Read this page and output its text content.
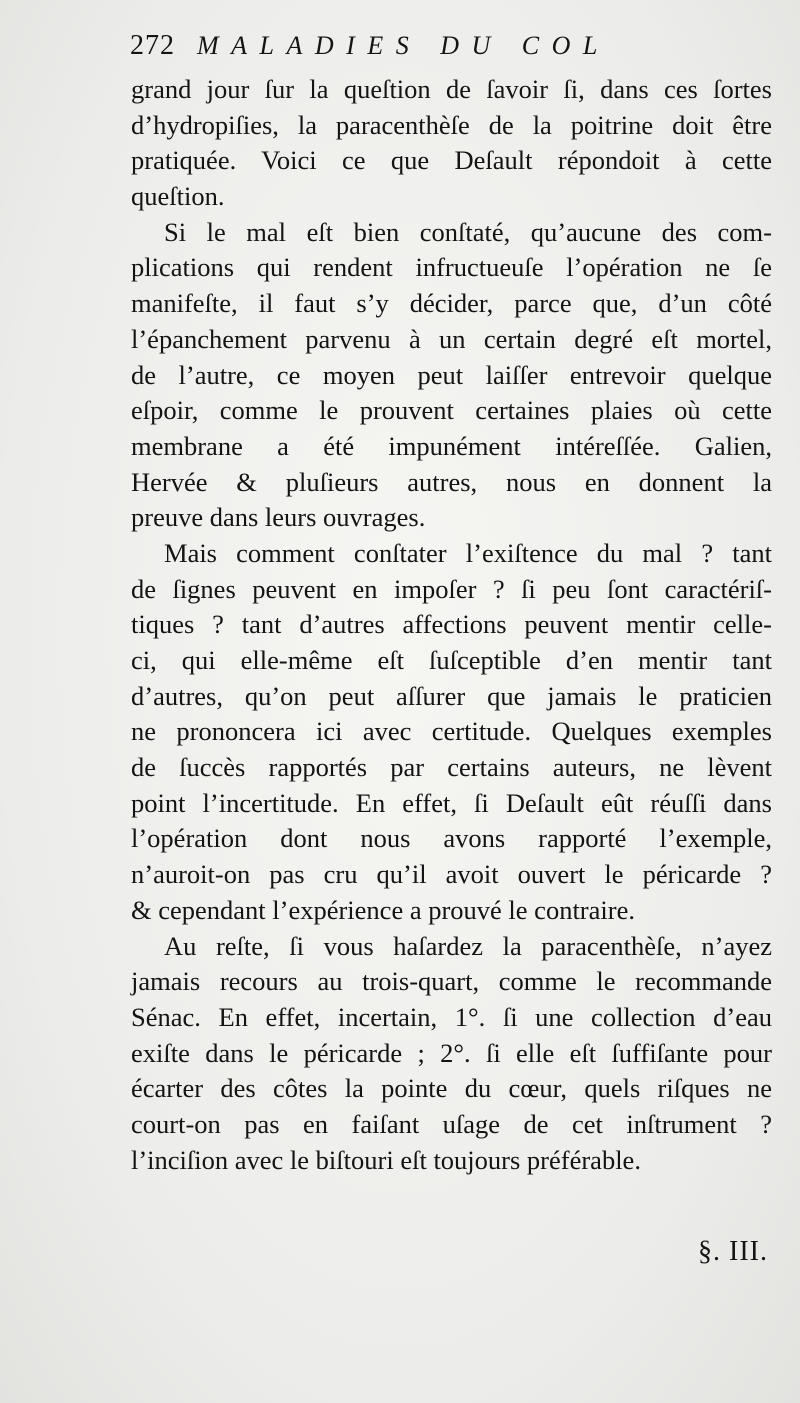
272 MALADIES DU COL
grand jour ſur la queſtion de ſavoir ſi, dans ces ſortes
d’hydropiſies, la paracenthèſe de la poitrine doit être
pratiquée. Voici ce que Deſault répondoit à cette
queſtion.
Si le mal eſt bien conſtaté, qu’aucune des com-
plications qui rendent infructueuſe l’opération ne ſe
manifeſte, il faut s’y décider, parce que, d’un côté
l’épanchement parvenu à un certain degré eſt mortel,
de l’autre, ce moyen peut laiſſer entrevoir quelque
eſpoir, comme le prouvent certaines plaies où cette
membrane a été impunément intéreſſée. Galien,
Hervée & pluſieurs autres, nous en donnent la
preuve dans leurs ouvrages.
Mais comment conſtater l’exiſtence du mal ? tant
de ſignes peuvent en impoſer ? ſi peu ſont caractériſ-
tiques ? tant d’autres affections peuvent mentir celle-
ci, qui elle-même eſt ſuſceptible d’en mentir tant
d’autres, qu’on peut aſſurer que jamais le praticien
ne prononcera ici avec certitude. Quelques exemples
de ſuccès rapportés par certains auteurs, ne lèvent
point l’incertitude. En effet, ſi Deſault eût réuſſi dans
l’opération dont nous avons rapporté l’exemple,
n’auroit-on pas cru qu’il avoit ouvert le péricarde ?
& cependant l’expérience a prouvé le contraire.
Au reſte, ſi vous haſardez la paracenthèſe, n’ayez
jamais recours au trois-quart, comme le recommande
Sénac. En effet, incertain, 1°. ſi une collection d’eau
exiſte dans le péricarde ; 2°. ſi elle eſt ſuffiſante pour
écarter des côtes la pointe du cœur, quels riſques ne
court-on pas en faiſant uſage de cet inſtrument ?
l’inciſion avec le biſtouri eſt toujours préférable.
§. III.
